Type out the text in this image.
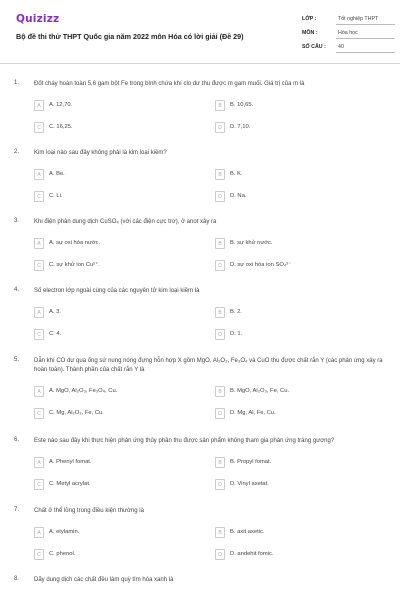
Quizizz
Bộ đề thi thử THPT Quốc gia năm 2022 môn Hóa có lời giải (Đề 29)
LỚP :	Tốt nghiệp THPT
MÔN :	Hóa học
SỐ CÂU : 40
1. Đốt cháy hoàn toàn 5,6 gam bột Fe trong bình chứa khí clo dư thu được m gam muối. Giá trị của m là
A	A. 12,70.	B	B. 10,65.
C	C. 16,25.	D	D. 7,10.
2. Kim loại nào sau đây không phải là kim loại kiềm?
A	A. Be.	B	B. K.
C	C. Li.	D	D. Na.
3. Khi điện phân dung dịch CuSO₄ (với các điện cực trơ), ở anot xảy ra
A	A. sự oxi hóa nước.	B	B. sự khử nước.
C	C. sự khử ion Cu²⁺.	D	D. sự oxi hóa ion SO₄²⁻
4. Số electron lớp ngoài cùng của các nguyên tử kim loại kiềm là
A	A. 3.	B	B. 2.
C	C. 4.	D	D. 1.
5. Dẫn khí CO dư qua ống sứ nung nóng đựng hỗn hợp X gồm MgO, Al₂O₃, Fe₃O₄ và CuO thu được chất rắn Y (các phản ứng xảy ra hoàn toàn). Thành phần của chất rắn Y là
A	A. MgO, Al₂O₃, Fe₃O₄, Cu.	B	B. MgO, Al₂O₃, Fe, Cu.
C	C. Mg, Al₂O₃, Fe, Cu.	D	D. Mg, Al, Fe, Cu.
6. Este nào sau đây khi thực hiện phản ứng thủy phân thu được sản phẩm không tham gia phản ứng tráng gương?
A	A. Phenyl fomat.	B	B. Propyl fomat.
C	C. Metyl acrylat.	D	D. Vinyl axetat.
7. Chất ở thể lỏng trong điều kiện thường là
A	A. etylamin.	B	B. axit axetic.
C	C. phenol.	D	D. andehit fomic.
8. Dãy dung dịch các chất đều làm quỳ tím hóa xanh là
